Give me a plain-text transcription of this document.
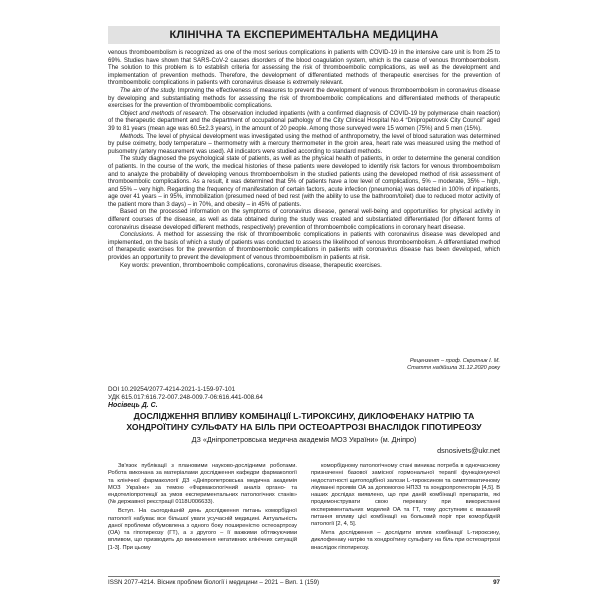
КЛІНІЧНА ТА ЕКСПЕРИМЕНТАЛЬНА МЕДИЦИНА

venous thromboembolism is recognized as one of the most serious complications in patients with COVID-19 in the intensive care unit is from 25 to 69%. Studies have shown that SARS-CoV-2 causes disorders of the blood coagulation system, which is the cause of venous thromboembolism. The solution to this problem is to establish criteria for assessing the risk of thromboembolic complications, as well as the development and implementation of prevention methods. Therefore, the development of differentiated methods of therapeutic exercises for the prevention of thromboembolic complications in patients with coronavirus disease is extremely relevant.

The aim of the study. Improving the effectiveness of measures to prevent the development of venous thromboembolism in coronavirus disease by developing and substantiating methods for assessing the risk of thromboembolic complications and differentiated methods of therapeutic exercises for the prevention of thromboembolic complications.

Object and methods of research. The observation included inpatients (with a confirmed diagnosis of COVID-19 by polymerase chain reaction) of the therapeutic department and the department of occupational pathology of the City Clinical Hospital No.4 “Dnipropetrovsk City Council” aged 39 to 81 years (mean age was 60.5±2.3 years), in the amount of 20 people. Among those surveyed were 15 women (75%) and 5 men (15%).

Methods. The level of physical development was investigated using the method of anthropometry, the level of blood saturation was determined by pulse oximetry, body temperature – thermometry with a mercury thermometer in the groin area, heart rate was measured using the method of pulsometry (artery measurement was used). All indicators were studied according to standard methods.

The study diagnosed the psychological state of patients, as well as the physical health of patients, in order to determine the general condition of patients. In the course of the work, the medical histories of these patients were developed to identify risk factors for venous thromboembolism and to analyze the probability of developing venous thromboembolism in the studied patients using the developed method of risk assessment of thromboembolic complications. As a result, it was determined that 5% of patients have a low level of complications, 5% – moderate, 35% – high, and 55% – very high. Regarding the frequency of manifestation of certain factors, acute infection (pneumonia) was detected in 100% of inpatients, age over 41 years – in 95%, immobilization (presumed need of bed rest (with the ability to use the bathroom/toilet) due to reduced motor activity of the patient more than 3 days) – in 70%, and obesity – in 45% of patients.

Based on the processed information on the symptoms of coronavirus disease, general well-being and opportunities for physical activity in different courses of the disease, as well as data obtained during the study was created and substantiated differentiated (for different forms of coronavirus disease developed different methods, respectively) prevention of thromboembolic complications in coronary heart disease.

Conclusions. A method for assessing the risk of thromboembolic complications in patients with coronavirus disease was developed and implemented, on the basis of which a study of patients was conducted to assess the likelihood of venous thromboembolism. A differentiated method of therapeutic exercises for the prevention of thromboembolic complications in patients with coronavirus disease has been developed, which provides an opportunity to prevent the development of venous thromboembolism in patients at risk.

Key words: prevention, thromboembolic complications, coronavirus disease, therapeutic exercises.

Рецензент – проф. Скрипник І. М.
Стаття надійшла 31.12.2020 року
DOI 10.29254/2077-4214-2021-1-159-97-101
УДК 615.017:616.72-007.248-009.7-06:616.441-008.64
Носівець Д. С.
ДОСЛІДЖЕННЯ ВПЛИВУ КОМБІНАЦІЇ L-ТИРОКСИНУ, ДИКЛОФЕНАКУ НАТРІЮ ТА ХОНДРОЇТИНУ СУЛЬФАТУ НА БІЛЬ ПРИ ОСТЕОАРТРОЗІ ВНАСЛІДОК ГІПОТИРЕОЗУ
ДЗ «Дніпропетровська медична академія МОЗ України» (м. Дніпро)
dsnosivets@ukr.net

Зв'язок публікації з плановими науково-дослідними роботами. Робота виконана за матеріалами дослідження кафедри фармакології та клінічної фармакології ДЗ «Дніпропетровська медична академія МОЗ України» за темою «Фармакологічний аналіз органо- та ендотеліопротекції за умов експериментальних патологічних станів» (№ державної реєстрації 0118U006633).

Вступ. На сьогоднішній день дослідження питань коморбідної патології набуває все більшої уваги усучасній медицині. Актуальність даної проблеми обумовлена з одного боку поширеністю остеоартрозу (ОА) та гіпотиреозу (ГТ), а з другого – її важкими обтяжуючими впливом, що призводить до виникнення негативних клінічних ситуацій [1-3]. При цьому

коморбідному патологічному стані виникає потреба в одночасному призначенні базової замісної гормональної терапії функціонуючої недостатності щитоподібної залози L-тироксином та симптоматичному лікуванні проявів ОА за допомогою НПЗЗ та хондропротекторів [4,5]. В наших дослідах виявлено, що при даній комбінації препаратів, які продемонструвати свою перевагу при використанні експериментальних моделей ОА та ГТ, тому доступним є вказаний питання впливу цієї комбінації на больовий поріг при коморбідній патології [2, 4, 5].

Мета дослідження – дослідити вплив комбінації L-тироксину, диклофенаку натрію та хондроїтину сульфату на біль при остеоартрозі внаслідок гіпотиреозу.

ISSN 2077-4214. Вісник проблем біології і медицини – 2021 – Вип. 1 (159)	97
